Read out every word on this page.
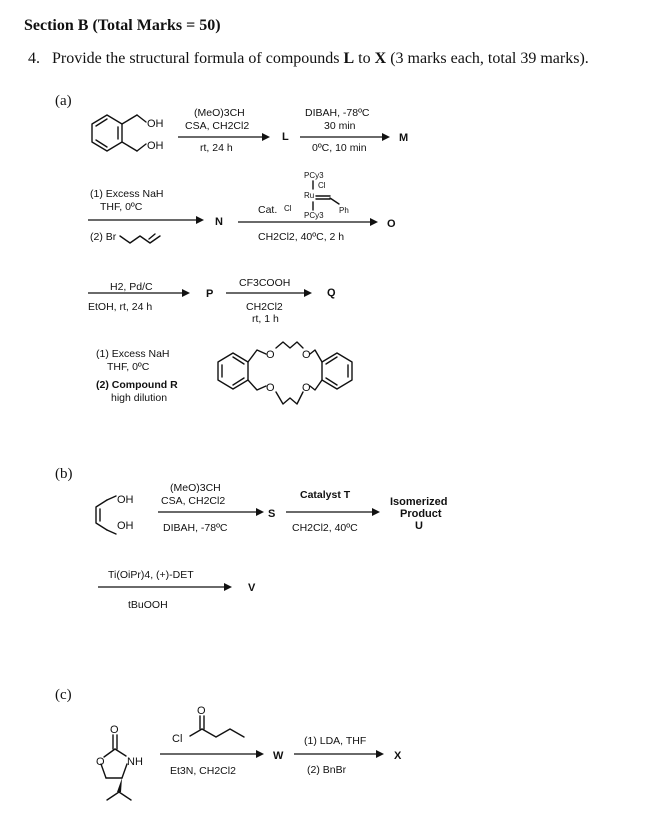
Section B (Total Marks = 50)
4. Provide the structural formula of compounds L to X (3 marks each, total 39 marks).
(a)
OH
OH
(MeO)3CH
CSA, CH2Cl2
rt, 24 h
L
DIBAH, -78ºC
30 min
0ºC, 10 min
M
(1) Excess NaH
THF, 0ºC
(2) Br
N
PCy3
Cl
Ru
Ph
Cat. Cl
PCy3
CH2Cl2, 40ºC, 2 h
O
H2, Pd/C
EtOH, rt, 24 h
P
CF3COOH
CH2Cl2
rt, 1 h
Q
(1) Excess NaH
THF, 0ºC
(2) Compound R
high dilution
O O
O O
(b)
OH
OH
(MeO)3CH
CSA, CH2Cl2
DIBAH, -78ºC
S
Catalyst T
CH2Cl2, 40ºC
Isomerized
Product
U
Ti(OiPr)4, (+)-DET
tBuOOH
V
(c)
O
O NH
O
Cl
Et3N, CH2Cl2
W
(1) LDA, THF
(2) BnBr
X
